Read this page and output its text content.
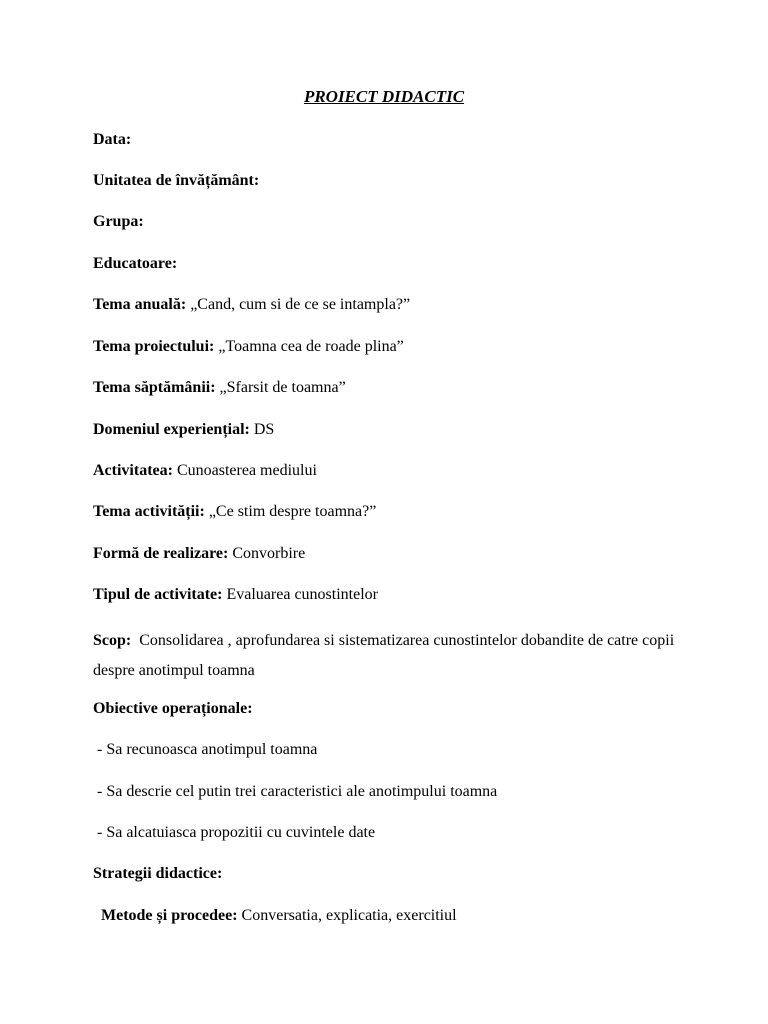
PROIECT DIDACTIC
Data:
Unitatea de învățământ:
Grupa:
Educatoare:
Tema anuală: „Cand, cum si de ce se intampla?”
Tema proiectului: „Toamna cea de roade plina”
Tema săptămânii: „Sfarsit de toamna”
Domeniul experiențial: DS
Activitatea: Cunoasterea mediului
Tema activității: „Ce stim despre toamna?”
Formă de realizare: Convorbire
Tipul de activitate: Evaluarea cunostintelor
Scop: Consolidarea , aprofundarea si sistematizarea cunostintelor dobandite de catre copii despre anotimpul toamna
Obiective operaționale:
- Sa recunoasca anotimpul toamna
- Sa descrie cel putin trei caracteristici ale anotimpului toamna
- Sa alcatuiasca propozitii cu cuvintele date
Strategii didactice:
Metode și procedee: Conversatia, explicatia, exercitiul
